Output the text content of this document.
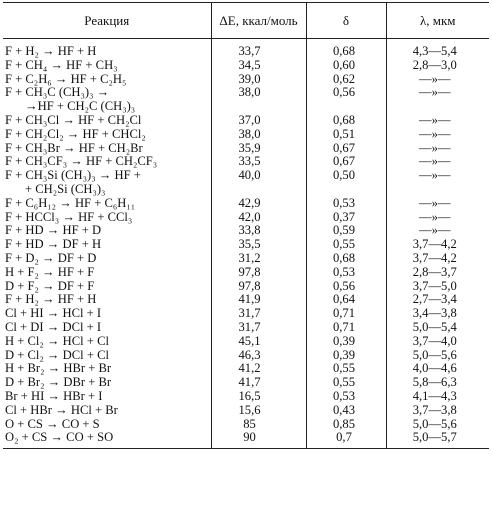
Реакция	ΔE, ккал/моль	δ	λ, мкм
F + H₂ → HF + H	33,7	0,68	4,3—5,4
F + CH₄ → HF + CH₃	34,5	0,60	2,8—3,0
F + C₂H₆ → HF + C₂H₅	39,0	0,62	—»—
F + CH₃C (CH₃)₃ →
→HF + CH₂C (CH₃)₃	38,0	0,56	—»—
F + CH₃Cl → HF + CH₂Cl	37,0	0,68	—»—
F + CH₂Cl₂ → HF + CHCl₂	38,0	0,51	—»—
F + CH₃Br → HF + CH₂Br	35,9	0,67	—»—
F + CH₃CF₃ → HF + CH₂CF₃	33,5	0,67	—»—
F + CH₃Si (CH₃)₃ → HF +
+ CH₂Si (CH₃)₃	40,0	0,50	—»—
F + C₆H₁₂ → HF + C₆H₁₁	42,9	0,53	—»—
F + HCCl₃ → HF + CCl₃	42,0	0,37	—»—
F + HD → HF + D	33,8	0,59	—»—
F + HD → DF + H	35,5	0,55	3,7—4,2
F + D₂ → DF + D	31,2	0,68	3,7—4,2
H + F₂ → HF + F	97,8	0,53	2,8—3,7
D + F₂ → DF + F	97,8	0,56	3,7—5,0
F + H₂ → HF + H	41,9	0,64	2,7—3,4
Cl + HI → HCl + I	31,7	0,71	3,4—3,8
Cl + DI → DCl + I	31,7	0,71	5,0—5,4
H + Cl₂ → HCl + Cl	45,1	0,39	3,7—4,0
D + Cl₂ → DCl + Cl	46,3	0,39	5,0—5,6
H + Br₂ → HBr + Br	41,2	0,55	4,0—4,6
D + Br₂ → DBr + Br	41,7	0,55	5,8—6,3
Br + HI → HBr + I	16,5	0,53	4,1—4,3
Cl + HBr → HCl + Br	15,6	0,43	3,7—3,8
O + CS → CO + S	85	0,85	5,0—5,6
O₂ + CS → CO + SO	90	0,7	5,0—5,7
